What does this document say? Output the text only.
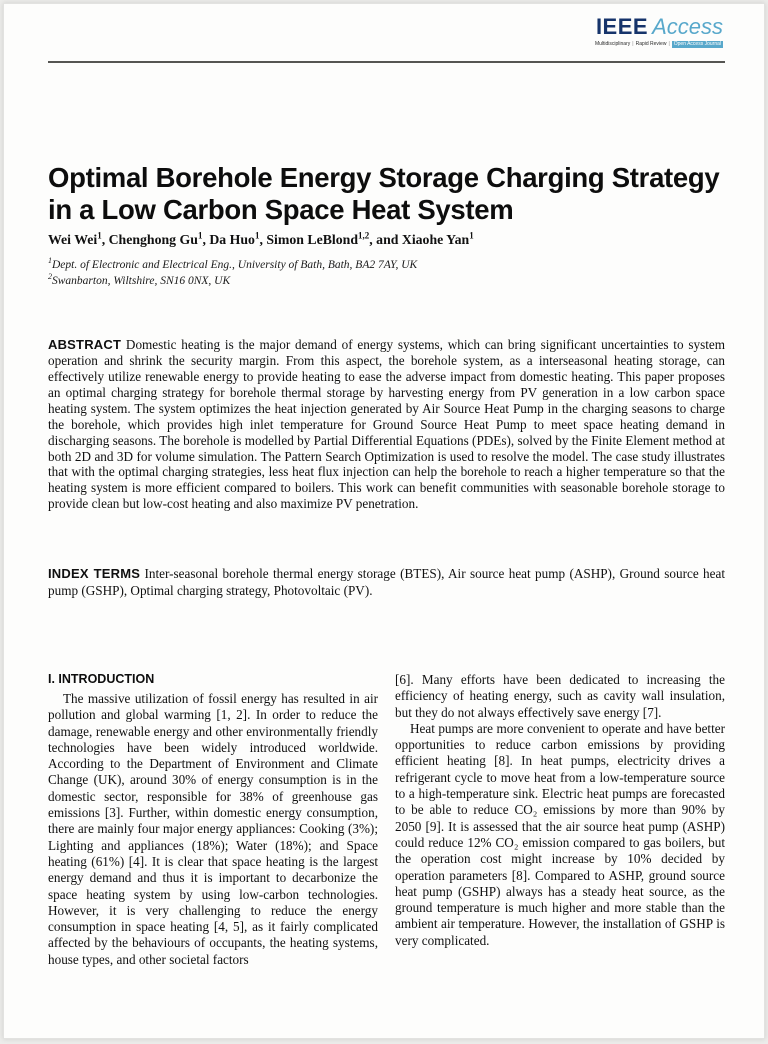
IEEE Access
Multidisciplinary | Rapid Review | Open Access Journal
Optimal Borehole Energy Storage Charging Strategy in a Low Carbon Space Heat System
Wei Wei$^1$, Chenghong Gu$^1$, Da Huo$^1$, Simon LeBlond$^{1,2}$, and Xiaohe Yan$^1$
$^1$Dept. of Electronic and Electrical Eng., University of Bath, Bath, BA2 7AY, UK
$^2$Swanbarton, Wiltshire, SN16 0NX, UK

ABSTRACT Domestic heating is the major demand of energy systems, which can bring significant uncertainties to system operation and shrink the security margin. From this aspect, the borehole system, as a interseasonal heating storage, can effectively utilize renewable energy to provide heating to ease the adverse impact from domestic heating. This paper proposes an optimal charging strategy for borehole thermal storage by harvesting energy from PV generation in a low carbon space heating system. The system optimizes the heat injection generated by Air Source Heat Pump in the charging seasons to charge the borehole, which provides high inlet temperature for Ground Source Heat Pump to meet space heating demand in discharging seasons. The borehole is modelled by Partial Differential Equations (PDEs), solved by the Finite Element method at both 2D and 3D for volume simulation. The Pattern Search Optimization is used to resolve the model. The case study illustrates that with the optimal charging strategies, less heat flux injection can help the borehole to reach a higher temperature so that the heating system is more efficient compared to boilers. This work can benefit communities with seasonable borehole storage to provide clean but low-cost heating and also maximize PV penetration.

INDEX TERMS Inter-seasonal borehole thermal energy storage (BTES), Air source heat pump (ASHP), Ground source heat pump (GSHP), Optimal charging strategy, Photovoltaic (PV).

I. INTRODUCTION

The massive utilization of fossil energy has resulted in air pollution and global warming [1, 2]. In order to reduce the damage, renewable energy and other environmentally friendly technologies have been widely introduced worldwide. According to the Department of Environment and Climate Change (UK), around 30% of energy consumption is in the domestic sector, responsible for 38% of greenhouse gas emissions [3]. Further, within domestic energy consumption, there are mainly four major energy appliances: Cooking (3%); Lighting and appliances (18%); Water (18%); and Space heating (61%) [4]. It is clear that space heating is the largest energy demand and thus it is important to decarbonize the space heating system by using low-carbon technologies. However, it is very challenging to reduce the energy consumption in space heating [4, 5], as it fairly complicated affected by the behaviours of occupants, the heating systems, house types, and other societal factors

[6]. Many efforts have been dedicated to increasing the efficiency of heating energy, such as cavity wall insulation, but they do not always effectively save energy [7].

Heat pumps are more convenient to operate and have better opportunities to reduce carbon emissions by providing efficient heating [8]. In heat pumps, electricity drives a refrigerant cycle to move heat from a low-temperature source to a high-temperature sink. Electric heat pumps are forecasted to be able to reduce CO₂ emissions by more than 90% by 2050 [9]. It is assessed that the air source heat pump (ASHP) could reduce 12% CO₂ emission compared to gas boilers, but the operation cost might increase by 10% decided by operation parameters [8]. Compared to ASHP, ground source heat pump (GSHP) always has a steady heat source, as the ground temperature is much higher and more stable than the ambient air temperature. However, the installation of GSHP is very complicated.
